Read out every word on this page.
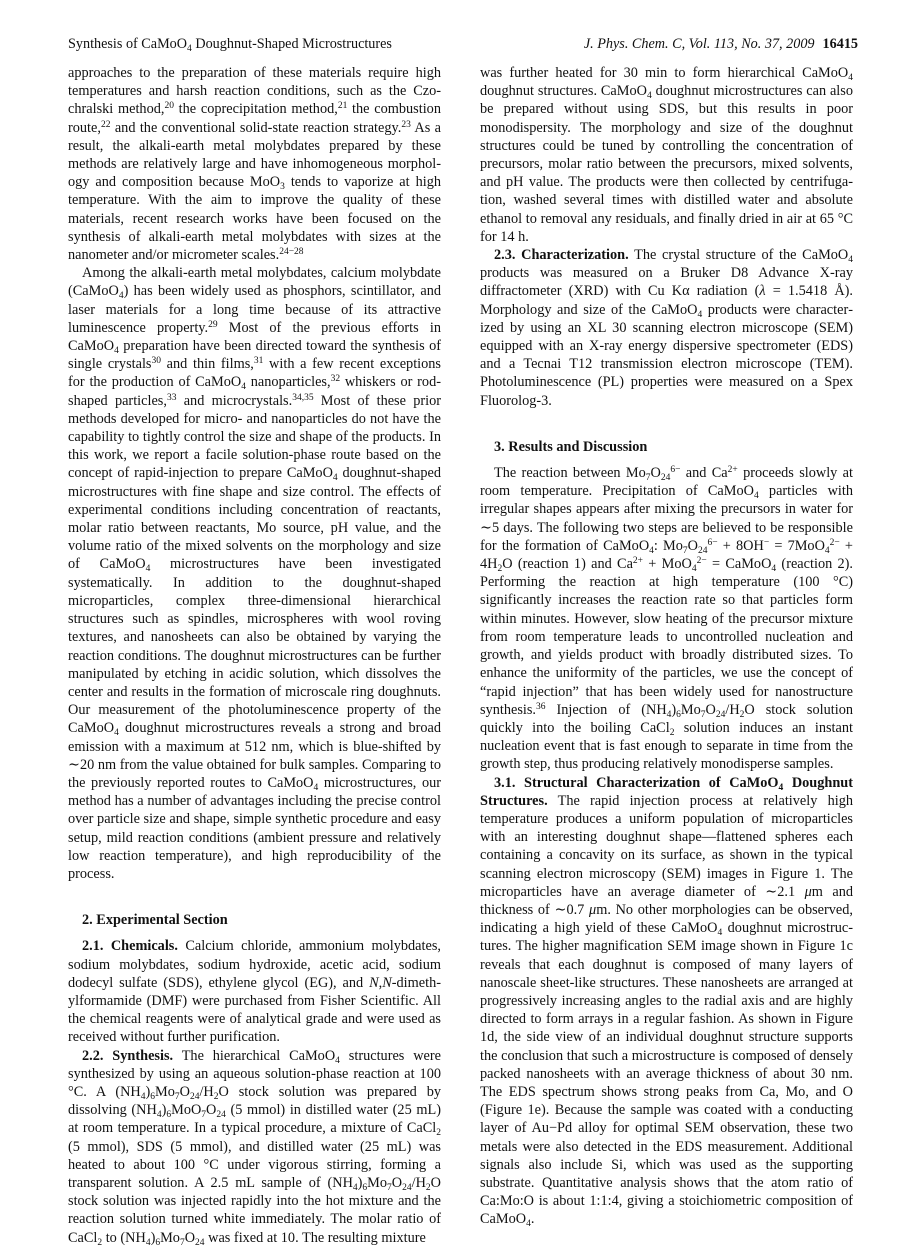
Synthesis of CaMoO$_4$ Doughnut-Shaped Microstructures	J. Phys. Chem. C, Vol. 113, No. 37, 2009 16415

approaches to the preparation of these materials require high temperatures and harsh reaction conditions, such as the Czochralski method,$^{20}$ the coprecipitation method,$^{21}$ the combustion route,$^{22}$ and the conventional solid-state reaction strategy.$^{23}$ As a result, the alkali-earth metal molybdates prepared by these methods are relatively large and have inhomogeneous morphology and composition because MoO$_3$ tends to vaporize at high temperature. With the aim to improve the quality of these materials, recent research works have been focused on the synthesis of alkali-earth metal molybdates with sizes at the nanometer and/or micrometer scales.$^{24-28}$

Among the alkali-earth metal molybdates, calcium molybdate (CaMoO$_4$) has been widely used as phosphors, scintillator, and laser materials for a long time because of its attractive luminescence property.$^{29}$ Most of the previous efforts in CaMoO$_4$ preparation have been directed toward the synthesis of single crystals$^{30}$ and thin films,$^{31}$ with a few recent exceptions for the production of CaMoO$_4$ nanoparticles,$^{32}$ whiskers or rod-shaped particles,$^{33}$ and microcrystals.$^{34,35}$ Most of these prior methods developed for micro- and nanoparticles do not have the capability to tightly control the size and shape of the products. In this work, we report a facile solution-phase route based on the concept of rapid-injection to prepare CaMoO$_4$ doughnut-shaped microstructures with fine shape and size control. The effects of experimental conditions including concentration of reactants, molar ratio between reactants, Mo source, pH value, and the volume ratio of the mixed solvents on the morphology and size of CaMoO$_4$ microstructures have been investigated systematically. In addition to the doughnut-shaped microparticles, complex three-dimensional hierarchical structures such as spindles, microspheres with wool roving textures, and nanosheets can also be obtained by varying the reaction conditions. The doughnut microstructures can be further manipulated by etching in acidic solution, which dissolves the center and results in the formation of microscale ring doughnuts. Our measurement of the photoluminescence property of the CaMoO$_4$ doughnut microstructures reveals a strong and broad emission with a maximum at 512 nm, which is blue-shifted by ∼20 nm from the value obtained for bulk samples. Comparing to the previously reported routes to CaMoO$_4$ microstructures, our method has a number of advantages including the precise control over particle size and shape, simple synthetic procedure and easy setup, mild reaction conditions (ambient pressure and relatively low reaction temperature), and high reproducibility of the process.

2. Experimental Section

2.1. Chemicals. Calcium chloride, ammonium molybdates, sodium molybdates, sodium hydroxide, acetic acid, sodium dodecyl sulfate (SDS), ethylene glycol (EG), and N,N-dimethylformamide (DMF) were purchased from Fisher Scientific. All the chemical reagents were of analytical grade and were used as received without further purification.

2.2. Synthesis. The hierarchical CaMoO$_4$ structures were synthesized by using an aqueous solution-phase reaction at 100 °C. A $(NH_4)_6Mo_7O_{24}/H_2O$ stock solution was prepared by dissolving $(NH_4)_6MoO_7O_{24}$ (5 mmol) in distilled water (25 mL) at room temperature. In a typical procedure, a mixture of CaCl$_2$ (5 mmol), SDS (5 mmol), and distilled water (25 mL) was heated to about 100 °C under vigorous stirring, forming a transparent solution. A 2.5 mL sample of $(NH_4)_6Mo_7O_{24}/H_2O$ stock solution was injected rapidly into the hot mixture and the reaction solution turned white immediately. The molar ratio of CaCl$_2$ to $(NH_4)_6Mo_7O_{24}$ was fixed at 10. The resulting mixture

was further heated for 30 min to form hierarchical CaMoO$_4$ doughnut structures. CaMoO$_4$ doughnut microstructures can also be prepared without using SDS, but this results in poor monodispersity. The morphology and size of the doughnut structures could be tuned by controlling the concentration of precursors, molar ratio between the precursors, mixed solvents, and pH value. The products were then collected by centrifugation, washed several times with distilled water and absolute ethanol to removal any residuals, and finally dried in air at 65 °C for 14 h.

2.3. Characterization. The crystal structure of the CaMoO$_4$ products was measured on a Bruker D8 Advance X-ray diffractometer (XRD) with Cu Kα radiation (λ = 1.5418 Å). Morphology and size of the CaMoO$_4$ products were characterized by using an XL 30 scanning electron microscope (SEM) equipped with an X-ray energy dispersive spectrometer (EDS) and a Tecnai T12 transmission electron microscope (TEM). Photoluminescence (PL) properties were measured on a Spex Fluorolog-3.

3. Results and Discussion

The reaction between $Mo_7O_{24}^{6-}$ and $Ca^{2+}$ proceeds slowly at room temperature. Precipitation of CaMoO$_4$ particles with irregular shapes appears after mixing the precursors in water for ∼5 days. The following two steps are believed to be responsible for the formation of CaMoO$_4$: $Mo_7O_{24}^{6-} + 8OH^- = 7MoO_4^{2-} + 4H_2O$ (reaction 1) and $Ca^{2+} + MoO_4^{2-}$ = CaMoO$_4$ (reaction 2). Performing the reaction at high temperature (100 °C) significantly increases the reaction rate so that particles form within minutes. However, slow heating of the precursor mixture from room temperature leads to uncontrolled nucleation and growth, and yields product with broadly distributed sizes. To enhance the uniformity of the particles, we use the concept of “rapid injection” that has been widely used for nanostructure synthesis.$^{36}$ Injection of $(NH_4)_6Mo_7O_{24}/H_2O$ stock solution quickly into the boiling CaCl$_2$ solution induces an instant nucleation event that is fast enough to separate in time from the growth step, thus producing relatively monodisperse samples.

3.1. Structural Characterization of CaMoO$_4$ Doughnut Structures. The rapid injection process at relatively high temperature produces a uniform population of microparticles with an interesting doughnut shape—flattened spheres each containing a concavity on its surface, as shown in the typical scanning electron microscopy (SEM) images in Figure 1. The microparticles have an average diameter of ∼2.1 μm and thickness of ∼0.7 μm. No other morphologies can be observed, indicating a high yield of these CaMoO$_4$ doughnut microstructures. The higher magnification SEM image shown in Figure 1c reveals that each doughnut is composed of many layers of nanoscale sheet-like structures. These nanosheets are arranged at progressively increasing angles to the radial axis and are highly directed to form arrays in a regular fashion. As shown in Figure 1d, the side view of an individual doughnut structure supports the conclusion that such a microstructure is composed of densely packed nanosheets with an average thickness of about 30 nm. The EDS spectrum shows strong peaks from Ca, Mo, and O (Figure 1e). Because the sample was coated with a conducting layer of Au−Pd alloy for optimal SEM observation, these two metals were also detected in the EDS measurement. Additional signals also include Si, which was used as the supporting substrate. Quantitative analysis shows that the atom ratio of Ca:Mo:O is about 1:1:4, giving a stoichiometric composition of CaMoO$_4$.
